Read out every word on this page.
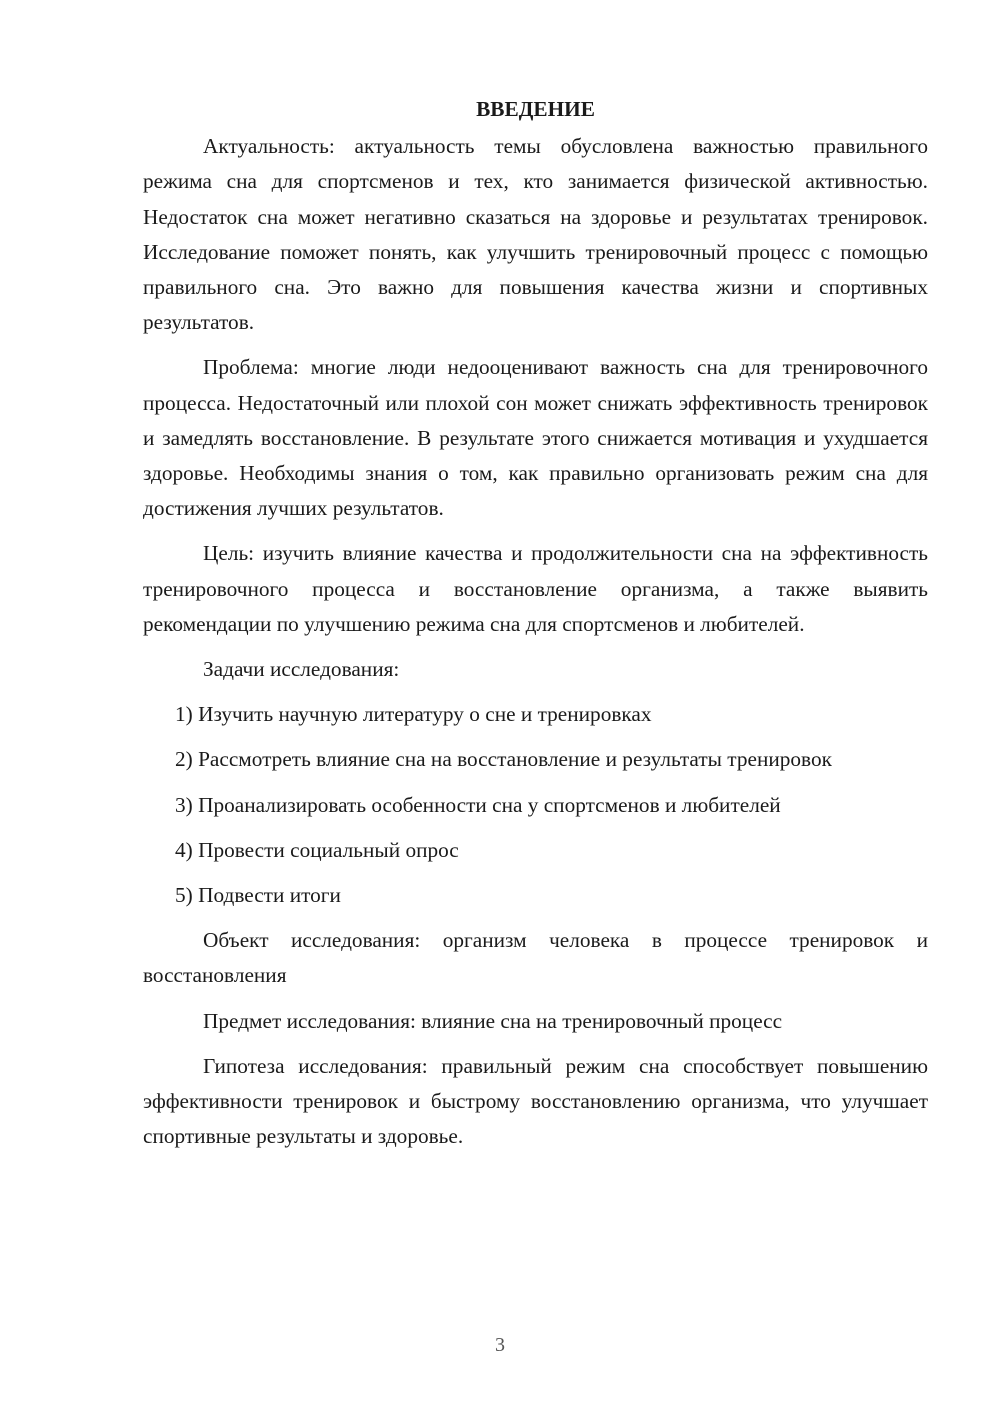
ВВЕДЕНИЕ

Актуальность: актуальность темы обусловлена важностью правильного режима сна для спортсменов и тех, кто занимается физической активностью. Недостаток сна может негативно сказаться на здоровье и результатах тренировок. Исследование поможет понять, как улучшить тренировочный процесс с помощью правильного сна. Это важно для повышения качества жизни и спортивных результатов.

Проблема: многие люди недооценивают важность сна для тренировочного процесса. Недостаточный или плохой сон может снижать эффективность тренировок и замедлять восстановление. В результате этого снижается мотивация и ухудшается здоровье. Необходимы знания о том, как правильно организовать режим сна для достижения лучших результатов.

Цель: изучить влияние качества и продолжительности сна на эффективность тренировочного процесса и восстановление организма, а также выявить рекомендации по улучшению режима сна для спортсменов и любителей.

Задачи исследования:

1) Изучить научную литературу о сне и тренировках

2) Рассмотреть влияние сна на восстановление и результаты тренировок

3) Проанализировать особенности сна у спортсменов и любителей

4) Провести социальный опрос

5) Подвести итоги

Объект исследования: организм человека в процессе тренировок и восстановления

Предмет исследования: влияние сна на тренировочный процесс

Гипотеза исследования: правильный режим сна способствует повышению эффективности тренировок и быстрому восстановлению организма, что улучшает спортивные результаты и здоровье.

3
